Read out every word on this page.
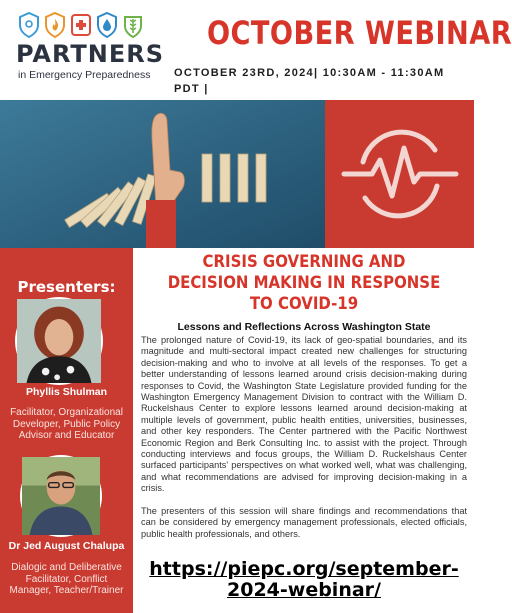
PARTNERS
in Emergency Preparedness
OCTOBER WEBINAR
OCTOBER 23RD, 2024| 10:30AM - 11:30AM PDT |
Presenters:
Phyllis Shulman
Facilitator, Organizational Developer, Public Policy Advisor and Educator
Dr Jed August Chalupa
Dialogic and Deliberative Facilitator, Conflict Manager, Teacher/Trainer
CRISIS GOVERNING AND DECISION MAKING IN RESPONSE TO COVID-19
Lessons and Reflections Across Washington State

The prolonged nature of Covid-19, its lack of geo-spatial boundaries, and its magnitude and multi-sectoral impact created new challenges for structuring decision-making and who to involve at all levels of the responses. To get a better understanding of lessons learned around crisis decision-making during responses to Covid, the Washington State Legislature provided funding for the Washington Emergency Management Division to contract with the William D. Ruckelshaus Center to explore lessons learned around decision-making at multiple levels of government, public health entities, universities, businesses, and other key responders. The Center partnered with the Pacific Northwest Economic Region and Berk Consulting Inc. to assist with the project. Through conducting interviews and focus groups, the William D. Ruckelshaus Center surfaced participants' perspectives on what worked well, what was challenging, and what recommendations are advised for improving decision-making in a crisis.

The presenters of this session will share findings and recommendations that can be considered by emergency management professionals, elected officials, public health professionals, and others.

https://piepc.org/september-2024-webinar/
